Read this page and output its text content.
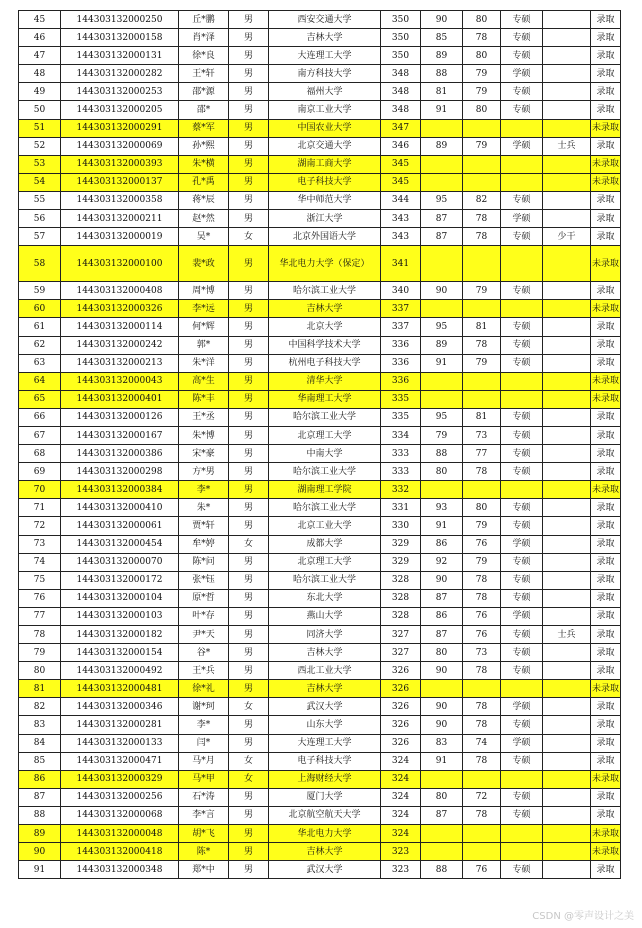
45	144303132000250	丘*鹏	男	西安交通大学	350	90	80	专硕		录取
46	144303132000158	肖*泽	男	吉林大学	350	85	78	专硕		录取
47	144303132000131	徐*良	男	大连理工大学	350	89	80	专硕		录取
48	144303132000282	王*轩	男	南方科技大学	348	88	79	学硕		录取
49	144303132000253	邵*源	男	福州大学	348	81	79	专硕		录取
50	144303132000205	邵*	男	南京工业大学	348	91	80	专硕		录取
51	144303132000291	蔡*军	男	中国农业大学	347					未录取
52	144303132000069	孙*熙	男	北京交通大学	346	89	79	学硕	士兵	录取
53	144303132000393	朱*横	男	湖南工商大学	345					未录取
54	144303132000137	孔*禹	男	电子科技大学	345					未录取
55	144303132000358	蒋*辰	男	华中师范大学	344	95	82	专硕		录取
56	144303132000211	赵*然	男	浙江大学	343	87	78	学硕		录取
57	144303132000019	吴*	女	北京外国语大学	343	87	78	专硕	少干	录取
58	144303132000100	裴*政	男	华北电力大学（保定）	341					未录取
59	144303132000408	周*博	男	哈尔滨工业大学	340	90	79	专硕		录取
60	144303132000326	李*远	男	吉林大学	337					未录取
61	144303132000114	何*辉	男	北京大学	337	95	81	专硕		录取
62	144303132000242	郭*	男	中国科学技术大学	336	89	78	专硕		录取
63	144303132000213	朱*洋	男	杭州电子科技大学	336	91	79	专硕		录取
64	144303132000043	高*生	男	清华大学	336					未录取
65	144303132000401	陈*丰	男	华南理工大学	335					未录取
66	144303132000126	王*丞	男	哈尔滨工业大学	335	95	81	专硕		录取
67	144303132000167	朱*博	男	北京理工大学	334	79	73	专硕		录取
68	144303132000386	宋*豪	男	中南大学	333	88	77	专硕		录取
69	144303132000298	方*男	男	哈尔滨工业大学	333	80	78	专硕		录取
70	144303132000384	李*	男	湖南理工学院	332					未录取
71	144303132000410	朱*	男	哈尔滨工业大学	331	93	80	专硕		录取
72	144303132000061	贾*轩	男	北京工业大学	330	91	79	专硕		录取
73	144303132000454	牟*婷	女	成都大学	329	86	76	学硕		录取
74	144303132000070	陈*问	男	北京理工大学	329	92	79	专硕		录取
75	144303132000172	张*钰	男	哈尔滨工业大学	328	90	78	专硕		录取
76	144303132000104	原*哲	男	东北大学	328	87	78	专硕		录取
77	144303132000103	叶*存	男	燕山大学	328	86	76	学硕		录取
78	144303132000182	尹*天	男	同济大学	327	87	76	专硕	士兵	录取
79	144303132000154	谷*	男	吉林大学	327	80	73	专硕		录取
80	144303132000492	王*兵	男	西北工业大学	326	90	78	专硕		录取
81	144303132000481	徐*礼	男	吉林大学	326					未录取
82	144303132000346	谢*珂	女	武汉大学	326	90	78	学硕		录取
83	144303132000281	李*	男	山东大学	326	90	78	专硕		录取
84	144303132000133	闫*	男	大连理工大学	326	83	74	学硕		录取
85	144303132000471	马*月	女	电子科技大学	324	91	78	专硕		录取
86	144303132000329	马*甲	女	上海财经大学	324					未录取
87	144303132000256	石*涛	男	厦门大学	324	80	72	专硕		录取
88	144303132000068	李*言	男	北京航空航天大学	324	87	78	专硕		录取
89	144303132000048	胡*飞	男	华北电力大学	324					未录取
90	144303132000418	陈*	男	吉林大学	323					未录取
91	144303132000348	郑*中	男	武汉大学	323	88	76	专硕		录取
CSDN @零声设计之美
